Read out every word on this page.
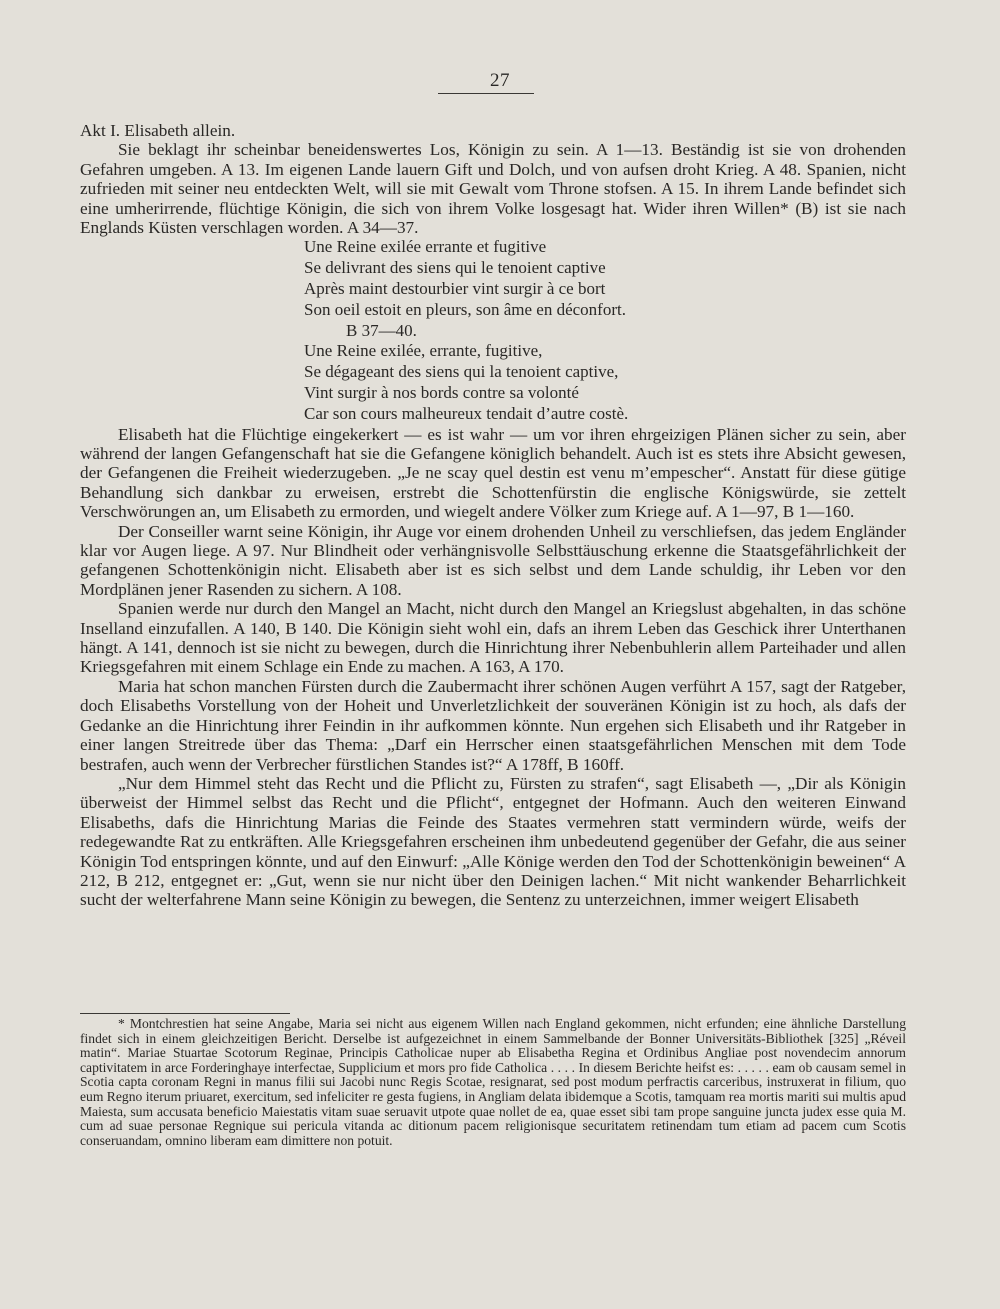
27

Akt I. Elisabeth allein.

Sie beklagt ihr scheinbar beneidenswertes Los, Königin zu sein. A 1—13. Beständig ist sie von drohenden Gefahren umgeben. A 13. Im eigenen Lande lauern Gift und Dolch, und von aufsen droht Krieg. A 48. Spanien, nicht zufrieden mit seiner neu entdeckten Welt, will sie mit Gewalt vom Throne stofsen. A 15. In ihrem Lande befindet sich eine umherirrende, flüchtige Königin, die sich von ihrem Volke losgesagt hat. Wider ihren Willen* (B) ist sie nach Englands Küsten verschlagen worden. A 34—37.

Une Reine exilée errante et fugitive
Se delivrant des siens qui le tenoient captive
Après maint destourbier vint surgir à ce bort
Son oeil estoit en pleurs, son âme en déconfort.
B 37—40.
Une Reine exilée, errante, fugitive,
Se dégageant des siens qui la tenoient captive,
Vint surgir à nos bords contre sa volonté
Car son cours malheureux tendait d’autre costè.

Elisabeth hat die Flüchtige eingekerkert — es ist wahr — um vor ihren ehrgeizigen Plänen sicher zu sein, aber während der langen Gefangenschaft hat sie die Gefangene königlich behandelt. Auch ist es stets ihre Absicht gewesen, der Gefangenen die Freiheit wiederzugeben. „Je ne scay quel destin est venu m’empescher“. Anstatt für diese gütige Behandlung sich dankbar zu erweisen, erstrebt die Schottenfürstin die englische Königswürde, sie zettelt Verschwörungen an, um Elisabeth zu ermorden, und wiegelt andere Völker zum Kriege auf. A 1—97, B 1—160.

Der Conseiller warnt seine Königin, ihr Auge vor einem drohenden Unheil zu verschliefsen, das jedem Engländer klar vor Augen liege. A 97. Nur Blindheit oder verhängnisvolle Selbsttäuschung erkenne die Staatsgefährlichkeit der gefangenen Schottenkönigin nicht. Elisabeth aber ist es sich selbst und dem Lande schuldig, ihr Leben vor den Mordplänen jener Rasenden zu sichern. A 108.

Spanien werde nur durch den Mangel an Macht, nicht durch den Mangel an Kriegslust abgehalten, in das schöne Inselland einzufallen. A 140, B 140. Die Königin sieht wohl ein, dafs an ihrem Leben das Geschick ihrer Unterthanen hängt. A 141, dennoch ist sie nicht zu bewegen, durch die Hinrichtung ihrer Nebenbuhlerin allem Parteihader und allen Kriegsgefahren mit einem Schlage ein Ende zu machen. A 163, A 170.

Maria hat schon manchen Fürsten durch die Zaubermacht ihrer schönen Augen verführt A 157, sagt der Ratgeber, doch Elisabeths Vorstellung von der Hoheit und Unverletzlichkeit der souveränen Königin ist zu hoch, als dafs der Gedanke an die Hinrichtung ihrer Feindin in ihr aufkommen könnte. Nun ergehen sich Elisabeth und ihr Ratgeber in einer langen Streitrede über das Thema: „Darf ein Herrscher einen staatsgefährlichen Menschen mit dem Tode bestrafen, auch wenn der Verbrecher fürstlichen Standes ist?“ A 178ff, B 160ff.

„Nur dem Himmel steht das Recht und die Pflicht zu, Fürsten zu strafen“, sagt Elisabeth —, „Dir als Königin überweist der Himmel selbst das Recht und die Pflicht“, entgegnet der Hofmann. Auch den weiteren Einwand Elisabeths, dafs die Hinrichtung Marias die Feinde des Staates vermehren statt vermindern würde, weifs der redegewandte Rat zu entkräften. Alle Kriegsgefahren erscheinen ihm unbedeutend gegenüber der Gefahr, die aus seiner Königin Tod entspringen könnte, und auf den Einwurf: „Alle Könige werden den Tod der Schottenkönigin beweinen“ A 212, B 212, entgegnet er: „Gut, wenn sie nur nicht über den Deinigen lachen.“ Mit nicht wankender Beharrlichkeit sucht der welterfahrene Mann seine Königin zu bewegen, die Sentenz zu unterzeichnen, immer weigert Elisabeth

* Montchrestien hat seine Angabe, Maria sei nicht aus eigenem Willen nach England gekommen, nicht erfunden; eine ähnliche Darstellung findet sich in einem gleichzeitigen Bericht. Derselbe ist aufgezeichnet in einem Sammelbande der Bonner Universitäts-Bibliothek [325] „Réveil matin“. Mariae Stuartae Scotorum Reginae, Principis Catholicae nuper ab Elisabetha Regina et Ordinibus Angliae post novendecim annorum captivitatem in arce Forderinghaye interfectae, Supplicium et mors pro fide Catholica . . . . In diesem Berichte heifst es: . . . . . eam ob causam semel in Scotia capta coronam Regni in manus filii sui Jacobi nunc Regis Scotae, resignarat, sed post modum perfractis carceribus, instruxerat in filium, quo eum Regno iterum priuaret, exercitum, sed infeliciter re gesta fugiens, in Angliam delata ibidemque a Scotis, tamquam rea mortis mariti sui multis apud Maiesta, sum accusata beneficio Maiestatis vitam suae seruavit utpote quae nollet de ea, quae esset sibi tam prope sanguine juncta judex esse quia M. cum ad suae personae Regnique sui pericula vitanda ac ditionum pacem religionisque securitatem retinendam tum etiam ad pacem cum Scotis conseruandam, omnino liberam eam dimittere non potuit.
